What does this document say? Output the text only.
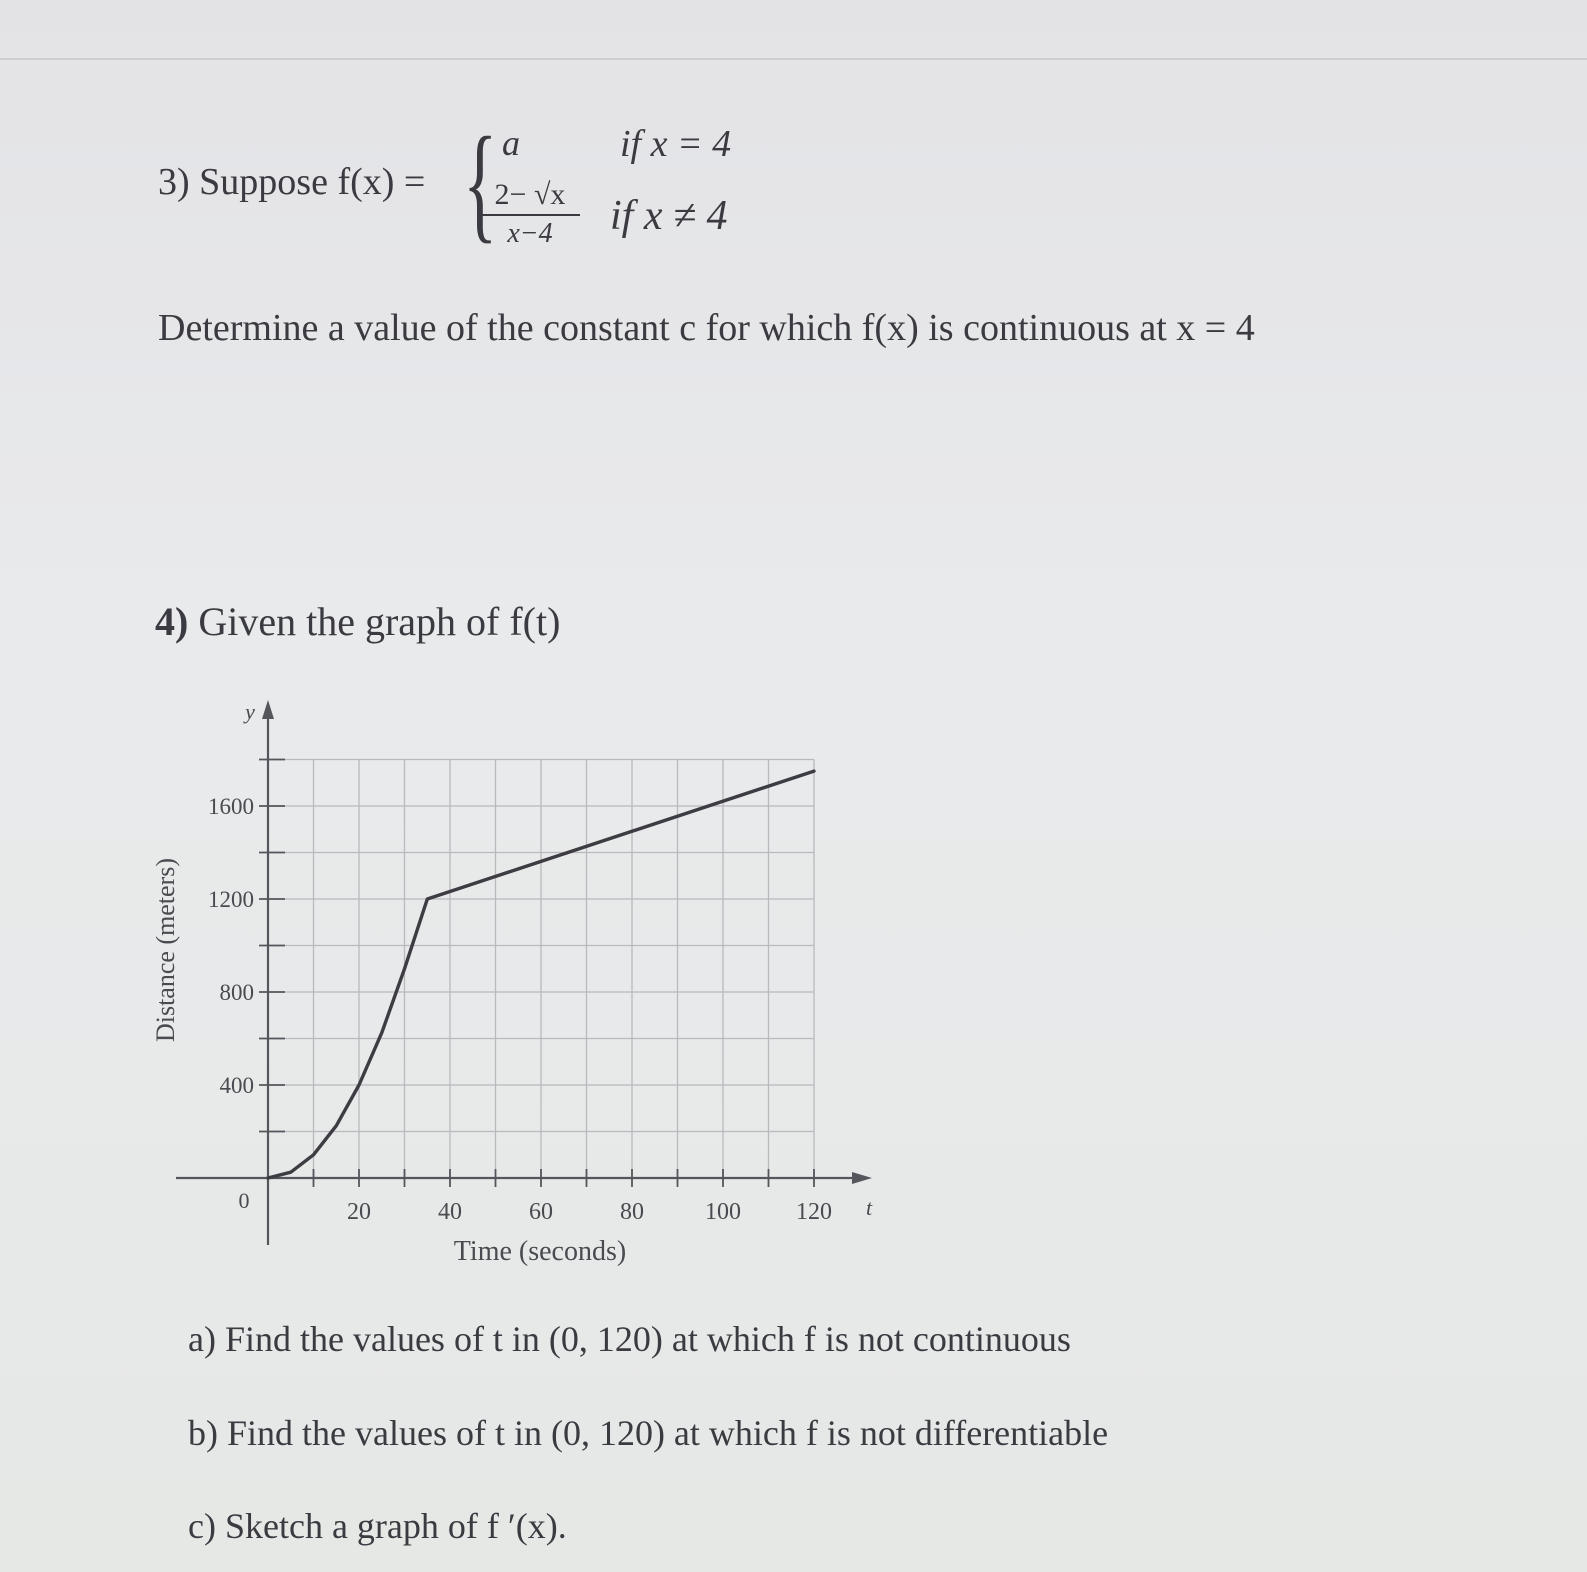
3) Suppose f(x) = { a	if x = 4
$\frac{2- √x}{x-4}$ if x ≠ 4
Determine a value of the constant c for which f(x) is continuous at x = 4
4) Given the graph of f(t)
20	40	60	80	100 120
400
800
1200
1600
0	t
y
Time (seconds)
Distance (meters)
a) Find the values of t in (0, 120) at which f is not continuous
b) Find the values of t in (0, 120) at which f is not differentiable
c) Sketch a graph of f ′(x).
